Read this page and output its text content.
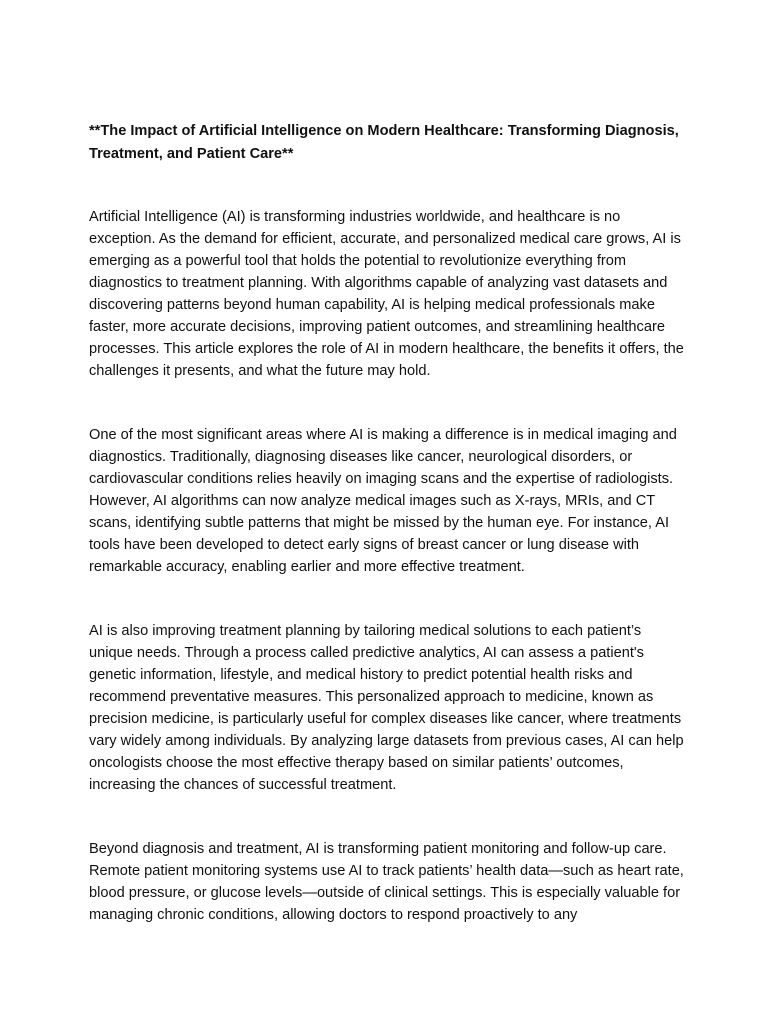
**The Impact of Artificial Intelligence on Modern Healthcare: Transforming Diagnosis, Treatment, and Patient Care**

Artificial Intelligence (AI) is transforming industries worldwide, and healthcare is no exception. As the demand for efficient, accurate, and personalized medical care grows, AI is emerging as a powerful tool that holds the potential to revolutionize everything from diagnostics to treatment planning. With algorithms capable of analyzing vast datasets and discovering patterns beyond human capability, AI is helping medical professionals make faster, more accurate decisions, improving patient outcomes, and streamlining healthcare processes. This article explores the role of AI in modern healthcare, the benefits it offers, the challenges it presents, and what the future may hold.

One of the most significant areas where AI is making a difference is in medical imaging and diagnostics. Traditionally, diagnosing diseases like cancer, neurological disorders, or cardiovascular conditions relies heavily on imaging scans and the expertise of radiologists. However, AI algorithms can now analyze medical images such as X-rays, MRIs, and CT scans, identifying subtle patterns that might be missed by the human eye. For instance, AI tools have been developed to detect early signs of breast cancer or lung disease with remarkable accuracy, enabling earlier and more effective treatment.

AI is also improving treatment planning by tailoring medical solutions to each patient’s unique needs. Through a process called predictive analytics, AI can assess a patient's genetic information, lifestyle, and medical history to predict potential health risks and recommend preventative measures. This personalized approach to medicine, known as precision medicine, is particularly useful for complex diseases like cancer, where treatments vary widely among individuals. By analyzing large datasets from previous cases, AI can help oncologists choose the most effective therapy based on similar patients’ outcomes, increasing the chances of successful treatment.

Beyond diagnosis and treatment, AI is transforming patient monitoring and follow-up care. Remote patient monitoring systems use AI to track patients’ health data—such as heart rate, blood pressure, or glucose levels—outside of clinical settings. This is especially valuable for managing chronic conditions, allowing doctors to respond proactively to any
